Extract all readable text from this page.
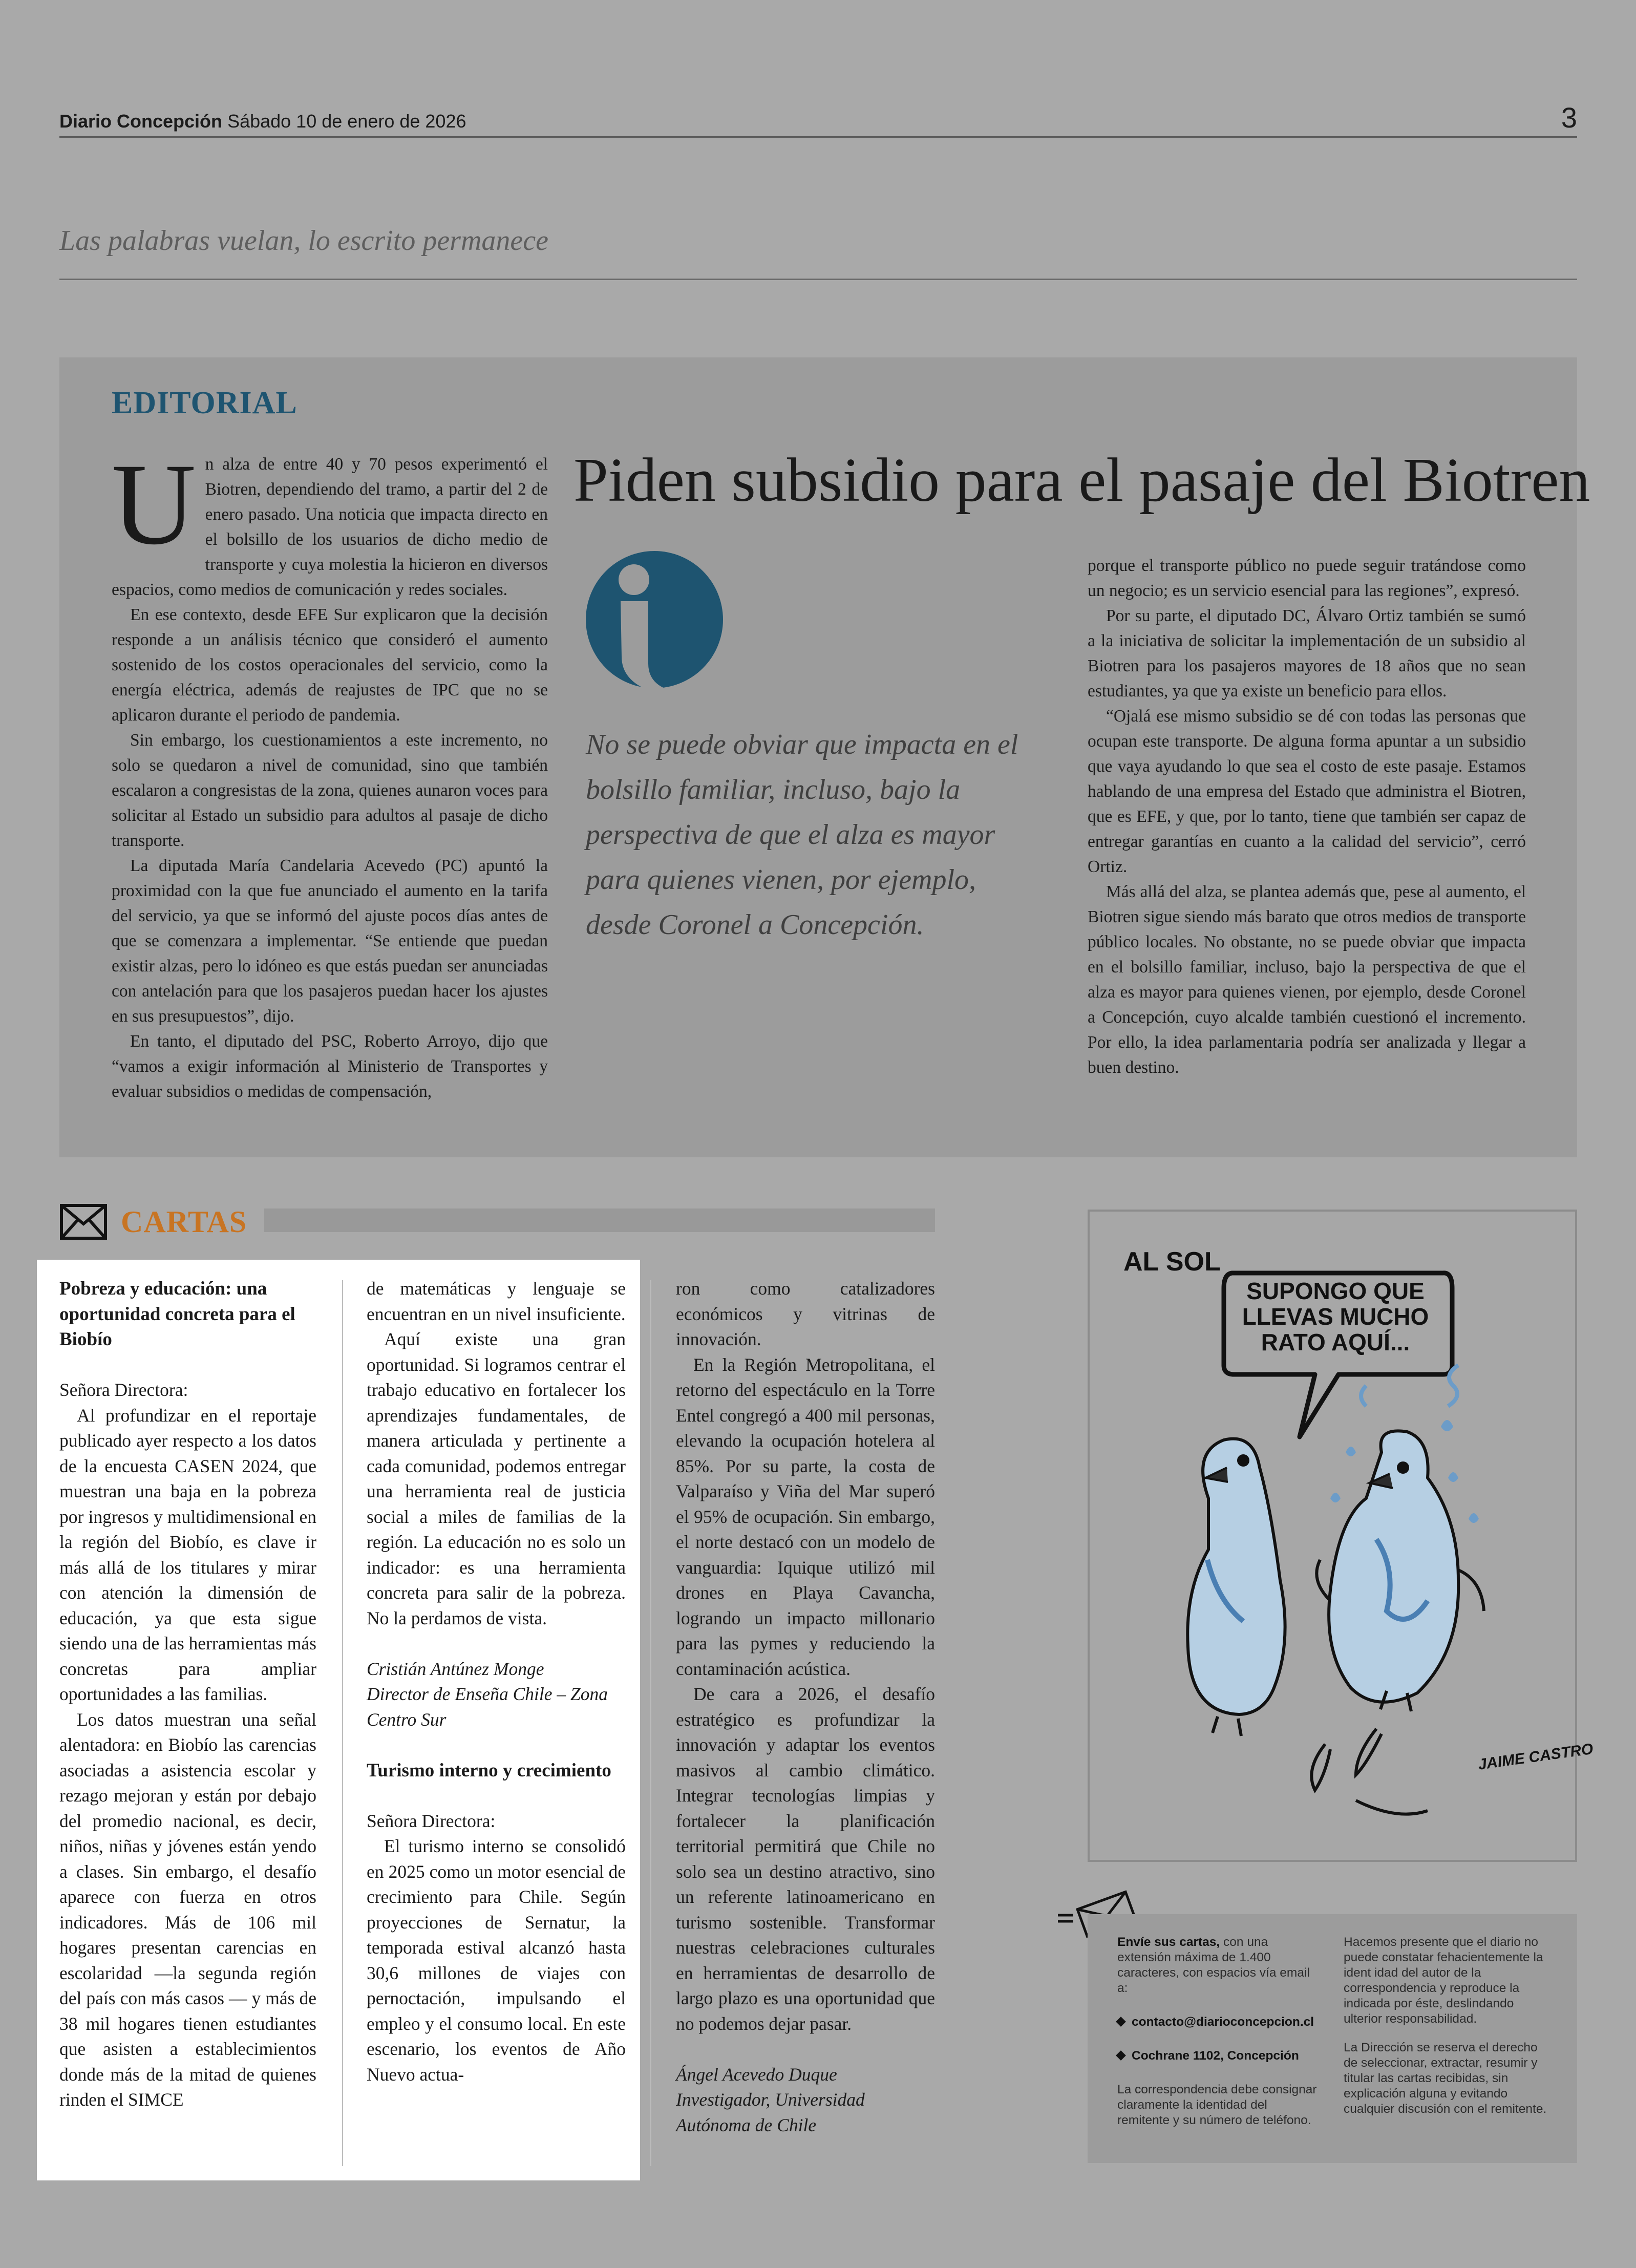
Diario Concepción Sábado 10 de enero de 2026	3
Las palabras vuelan, lo escrito permanece
EDITORIAL
Piden subsidio para el pasaje del Biotren
U n alza de entre 40 y 70 pesos experimentó el Biotren, dependiendo del tramo, a partir del 2 de enero pasado. Una noticia que impacta directo en el bolsillo de los usuarios de dicho medio de transporte y cuya molestia la hicieron en diversos espacios, como medios de comunicación y redes sociales.

En ese contexto, desde EFE Sur explicaron que la decisión responde a un análisis técnico que consideró el aumento sostenido de los costos operacionales del servicio, como la energía eléctrica, además de reajustes de IPC que no se aplicaron durante el periodo de pandemia.

Sin embargo, los cuestionamientos a este incremento, no solo se quedaron a nivel de comunidad, sino que también escalaron a congresistas de la zona, quienes aunaron voces para solicitar al Estado un subsidio para adultos al pasaje de dicho transporte.

La diputada María Candelaria Acevedo (PC) apuntó la proximidad con la que fue anunciado el aumento en la tarifa del servicio, ya que se informó del ajuste pocos días antes de que se comenzara a implementar. “Se entiende que puedan existir alzas, pero lo idóneo es que estás puedan ser anunciadas con antelación para que los pasajeros puedan hacer los ajustes en sus presupuestos”, dijo.

En tanto, el diputado del PSC, Roberto Arroyo, dijo que “vamos a exigir información al Ministerio de Transportes y evaluar subsidios o medidas de compensación,

No se puede obviar que impacta en el bolsillo familiar, incluso, bajo la perspectiva de que el alza es mayor para quienes vienen, por ejemplo, desde Coronel a Concepción.

porque el transporte público no puede seguir tratándose como un negocio; es un servicio esencial para las regiones”, expresó.

Por su parte, el diputado DC, Álvaro Ortiz también se sumó a la iniciativa de solicitar la implementación de un subsidio al Biotren para los pasajeros mayores de 18 años que no sean estudiantes, ya que ya existe un beneficio para ellos.

“Ojalá ese mismo subsidio se dé con todas las personas que ocupan este transporte. De alguna forma apuntar a un subsidio que vaya ayudando lo que sea el costo de este pasaje. Estamos hablando de una empresa del Estado que administra el Biotren, que es EFE, y que, por lo tanto, tiene que también ser capaz de entregar garantías en cuanto a la calidad del servicio”, cerró Ortiz.

Más allá del alza, se plantea además que, pese al aumento, el Biotren sigue siendo más barato que otros medios de transporte público locales. No obstante, no se puede obviar que impacta en el bolsillo familiar, incluso, bajo la perspectiva de que el alza es mayor para quienes vienen, por ejemplo, desde Coronel a Concepción, cuyo alcalde también cuestionó el incremento. Por ello, la idea parlamentaria podría ser analizada y llegar a buen destino.

CARTAS
Pobreza y educación: una oportunidad concreta para el Biobío

Señora Directora:

Al profundizar en el reportaje publicado ayer respecto a los datos de la encuesta CASEN 2024, que muestran una baja en la pobreza por ingresos y multidimensional en la región del Biobío, es clave ir más allá de los titulares y mirar con atención la dimensión de educación, ya que esta sigue siendo una de las herramientas más concretas para ampliar oportunidades a las familias.

Los datos muestran una señal alentadora: en Biobío las carencias asociadas a asistencia escolar y rezago mejoran y están por debajo del promedio nacional, es decir, niños, niñas y jóvenes están yendo a clases. Sin embargo, el desafío aparece con fuerza en otros indicadores. Más de 106 mil hogares presentan carencias en escolaridad —la segunda región del país con más casos — y más de 38 mil hogares tienen estudiantes que asisten a establecimientos donde más de la mitad de quienes rinden el SIMCE

de matemáticas y lenguaje se encuentran en un nivel insuficiente.

Aquí existe una gran oportunidad. Si logramos centrar el trabajo educativo en fortalecer los aprendizajes fundamentales, de manera articulada y pertinente a cada comunidad, podemos entregar una herramienta real de justicia social a miles de familias de la región. La educación no es solo un indicador: es una herramienta concreta para salir de la pobreza. No la perdamos de vista.

Cristián Antúnez Monge

Director de Enseña Chile – Zona Centro Sur

Turismo interno y crecimiento

Señora Directora:

El turismo interno se consolidó en 2025 como un motor esencial de crecimiento para Chile. Según proyecciones de Sernatur, la temporada estival alcanzó hasta 30,6 millones de viajes con pernoctación, impulsando el empleo y el consumo local. En este escenario, los eventos de Año Nuevo actua-

ron como catalizadores económicos y vitrinas de innovación.

En la Región Metropolitana, el retorno del espectáculo en la Torre Entel congregó a 400 mil personas, elevando la ocupación hotelera al 85%. Por su parte, la costa de Valparaíso y Viña del Mar superó el 95% de ocupación. Sin embargo, el norte destacó con un modelo de vanguardia: Iquique utilizó mil drones en Playa Cavancha, logrando un impacto millonario para las pymes y reduciendo la contaminación acústica.

De cara a 2026, el desafío estratégico es profundizar la innovación y adaptar los eventos masivos al cambio climático. Integrar tecnologías limpias y fortalecer la planificación territorial permitirá que Chile no solo sea un destino atractivo, sino un referente latinoamericano en turismo sostenible. Transformar nuestras celebraciones culturales en herramientas de desarrollo de largo plazo es una oportunidad que no podemos dejar pasar.

Ángel Acevedo Duque

Investigador, Universidad Autónoma de Chile

JAIME CASTRO
AL SOL
SUPONGO QUE LLEVAS MUCHO RATO AQUÍ...

Envíe sus cartas, con una extensión máxima de 1.400 caracteres, con espacios vía email a:

contacto@diarioconcepcion.cl

Cochrane 1102, Concepción

La correspondencia debe consignar claramente la identidad del remitente y su número de teléfono.

Hacemos presente que el diario no puede constatar fehacientemente la ident idad del autor de la correspondencia y reproduce la indicada por éste, deslindando ulterior responsabilidad.

La Dirección se reserva el derecho de seleccionar, extractar, resumir y titular las cartas recibidas, sin explicación alguna y evitando cualquier discusión con el remitente.
